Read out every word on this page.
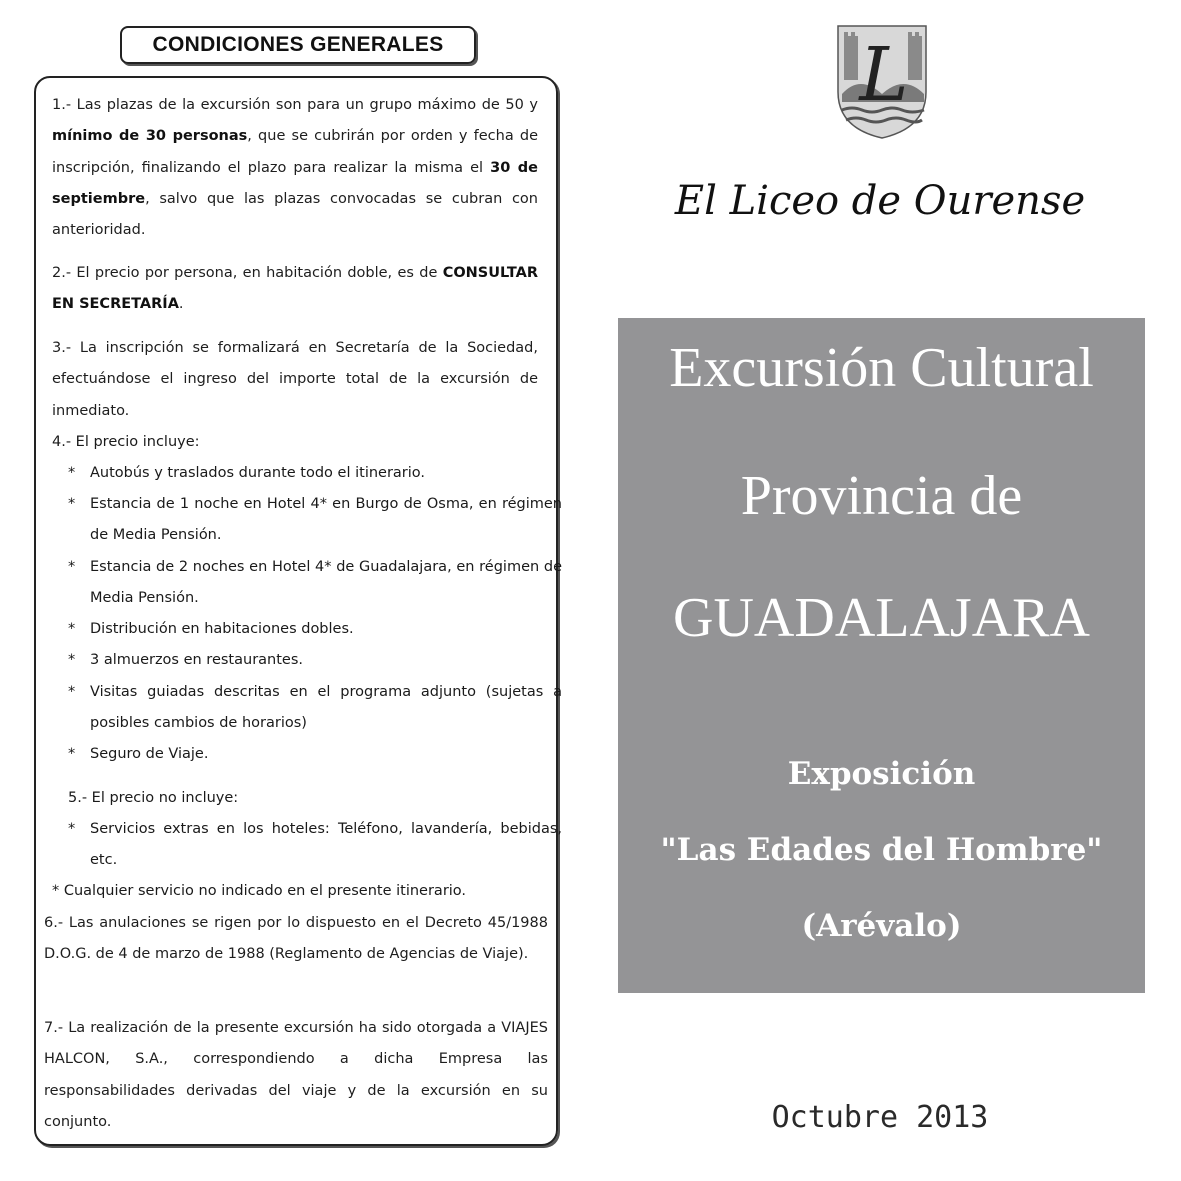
CONDICIONES GENERALES
1.- Las plazas de la excursión son para un grupo máximo de 50 y mínimo de 30 personas, que se cubrirán por orden y fecha de inscripción, finalizando el plazo para realizar la misma el 30 de septiembre, salvo que las plazas convocadas se cubran con anterioridad.
2.- El precio por persona, en habitación doble, es de CONSULTAR EN SECRETARÍA.
3.- La inscripción se formalizará en Secretaría de la Sociedad, efectuándose el ingreso del importe total de la excursión de inmediato.
4.- El precio incluye:
* Autobús y traslados durante todo el itinerario.
* Estancia de 1 noche en Hotel 4* en Burgo de Osma, en régimen de Media Pensión.
* Estancia de 2 noches en Hotel 4* de Guadalajara, en régimen de Media Pensión.
* Distribución en habitaciones dobles.
* 3 almuerzos en restaurantes.
* Visitas guiadas descritas en el programa adjunto (sujetas a posibles cambios de horarios)
* Seguro de Viaje.
5.- El precio no incluye:
* Servicios extras en los hoteles: Teléfono, lavandería, bebidas, etc.
* Cualquier servicio no indicado en el presente itinerario.
6.- Las anulaciones se rigen por lo dispuesto en el Decreto 45/1988 D.O.G. de 4 de marzo de 1988 (Reglamento de Agencias de Viaje).
7.- La realización de la presente excursión ha sido otorgada a VIAJES HALCON, S.A., correspondiendo a dicha Empresa las responsabilidades derivadas del viaje y de la excursión en su conjunto.
L
El Liceo de Ourense
Excursión Cultural
Provincia de
GUADALAJARA
Exposición
"Las Edades del Hombre"
(Arévalo)
Octubre 2013
